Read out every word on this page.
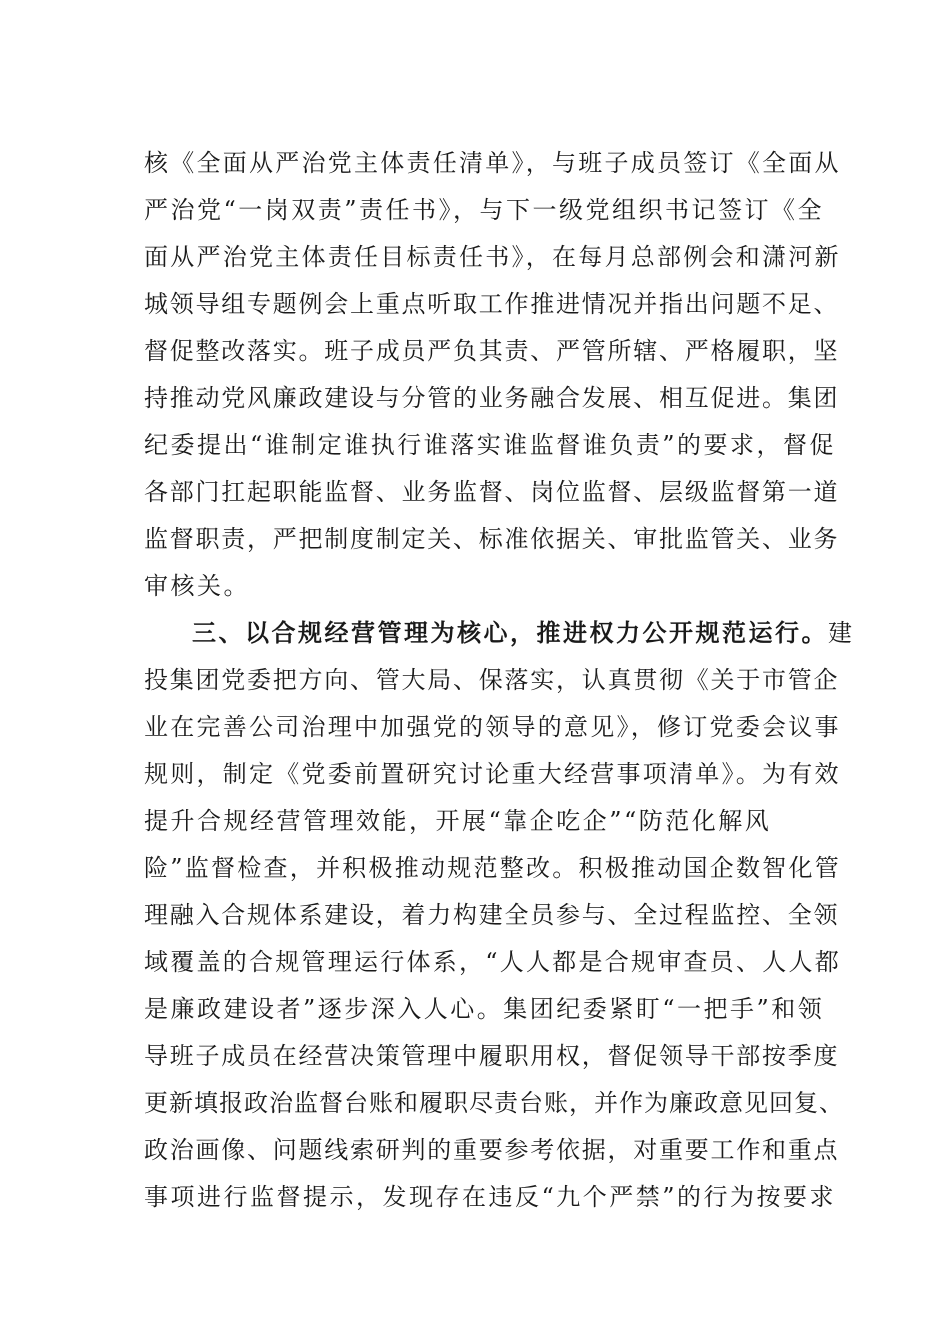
核《全面从严治党主体责任清单》，与班子成员签订《全面从
严治党“一岗双责”责任书》，与下一级党组织书记签订《全
面从严治党主体责任目标责任书》，在每月总部例会和潇河新
城领导组专题例会上重点听取工作推进情况并指出问题不足、
督促整改落实。班子成员严负其责、严管所辖、严格履职，坚
持推动党风廉政建设与分管的业务融合发展、相互促进。集团
纪委提出“谁制定谁执行谁落实谁监督谁负责”的要求，督促
各部门扛起职能监督、业务监督、岗位监督、层级监督第一道
监督职责，严把制度制定关、标准依据关、审批监管关、业务
审核关。
三、以合规经营管理为核心，推进权力公开规范运行。建
投集团党委把方向、管大局、保落实，认真贯彻《关于市管企
业在完善公司治理中加强党的领导的意见》，修订党委会议事
规则，制定《党委前置研究讨论重大经营事项清单》。为有效
提升合规经营管理效能，开展“靠企吃企”“防范化解风
险”监督检查，并积极推动规范整改。积极推动国企数智化管
理融入合规体系建设，着力构建全员参与、全过程监控、全领
域覆盖的合规管理运行体系，“人人都是合规审查员、人人都
是廉政建设者”逐步深入人心。集团纪委紧盯“一把手”和领
导班子成员在经营决策管理中履职用权，督促领导干部按季度
更新填报政治监督台账和履职尽责台账，并作为廉政意见回复、
政治画像、问题线索研判的重要参考依据，对重要工作和重点
事项进行监督提示，发现存在违反“九个严禁”的行为按要求
